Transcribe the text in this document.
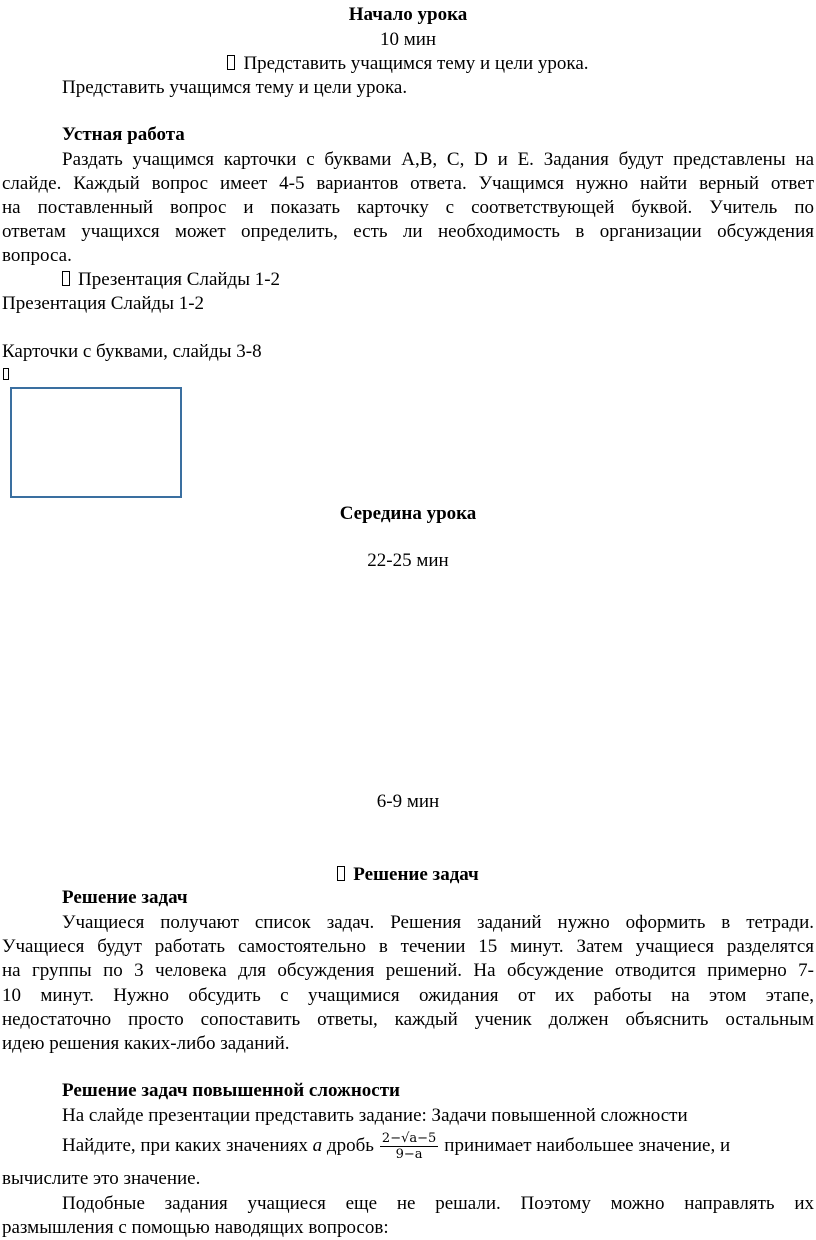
Начало урока
10 мин
Представить учащимся тему и цели урока.
Представить учащимся тему и цели урока.
Устная работа
Раздать учащимся карточки с буквами A,B, C, D и E. Задания будут представлены на
слайде. Каждый вопрос имеет 4-5 вариантов ответа. Учащимся нужно найти верный ответ
на поставленный вопрос и показать карточку с соответствующей буквой. Учитель по
ответам учащихся может определить, есть ли необходимость в организации обсуждения
вопроса.
Презентация Слайды 1-2
Презентация Слайды 1-2
Карточки с буквами, слайды 3-8
Середина урока
22-25 мин
6-9 мин
Решение задач
Решение задач
Учащиеся получают список задач. Решения заданий нужно оформить в тетради.
Учащиеся будут работать самостоятельно в течении 15 минут. Затем учащиеся разделятся
на группы по 3 человека для обсуждения решений. На обсуждение отводится примерно 7-
10 минут. Нужно обсудить с учащимися ожидания от их работы на этом этапе,
недостаточно просто сопоставить ответы, каждый ученик должен объяснить остальным
идею решения каких-либо заданий.
Решение задач повышенной сложности
На слайде презентации представить задание: Задачи повышенной сложности
Найдите, при каких значениях a дробь $\frac{2-√a-5}{9-a}$ принимает наибольшее значение, и
вычислите это значение.
Подобные задания учащиеся еще не решали. Поэтому можно направлять их
размышления с помощью наводящих вопросов:
